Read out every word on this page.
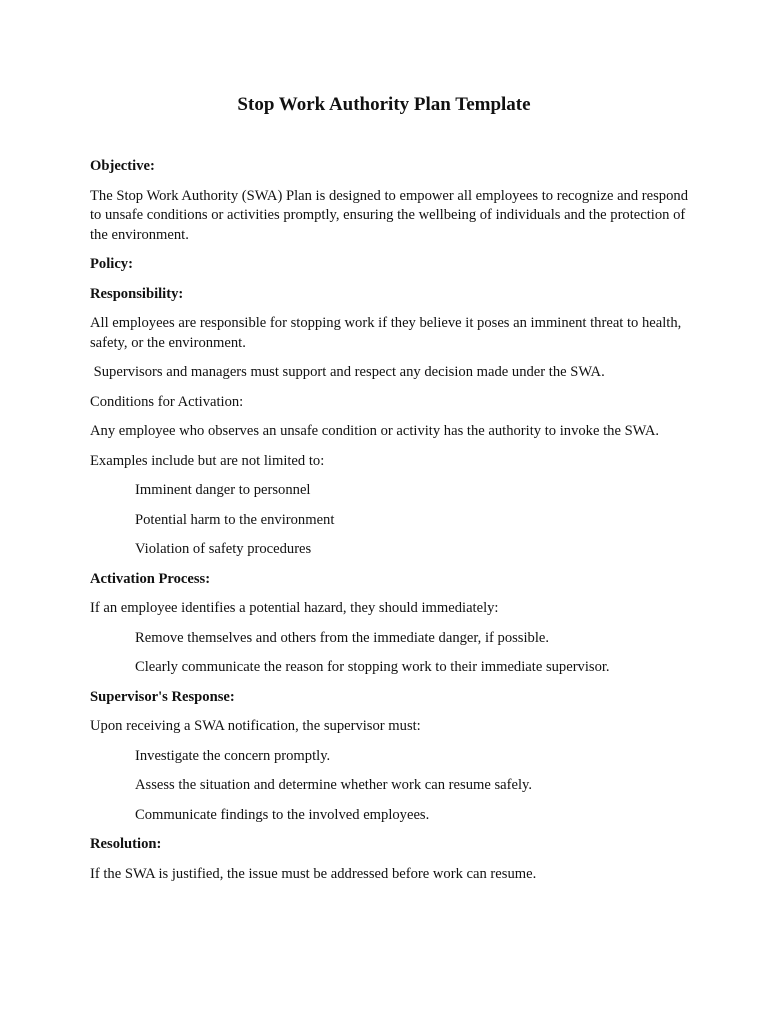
Stop Work Authority Plan Template
Objective:
The Stop Work Authority (SWA) Plan is designed to empower all employees to recognize and respond to unsafe conditions or activities promptly, ensuring the wellbeing of individuals and the protection of the environment.
Policy:
Responsibility:
All employees are responsible for stopping work if they believe it poses an imminent threat to health, safety, or the environment.
Supervisors and managers must support and respect any decision made under the SWA.
Conditions for Activation:
Any employee who observes an unsafe condition or activity has the authority to invoke the SWA.
Examples include but are not limited to:
Imminent danger to personnel
Potential harm to the environment
Violation of safety procedures
Activation Process:
If an employee identifies a potential hazard, they should immediately:
Remove themselves and others from the immediate danger, if possible.
Clearly communicate the reason for stopping work to their immediate supervisor.
Supervisor's Response:
Upon receiving a SWA notification, the supervisor must:
Investigate the concern promptly.
Assess the situation and determine whether work can resume safely.
Communicate findings to the involved employees.
Resolution:
If the SWA is justified, the issue must be addressed before work can resume.
